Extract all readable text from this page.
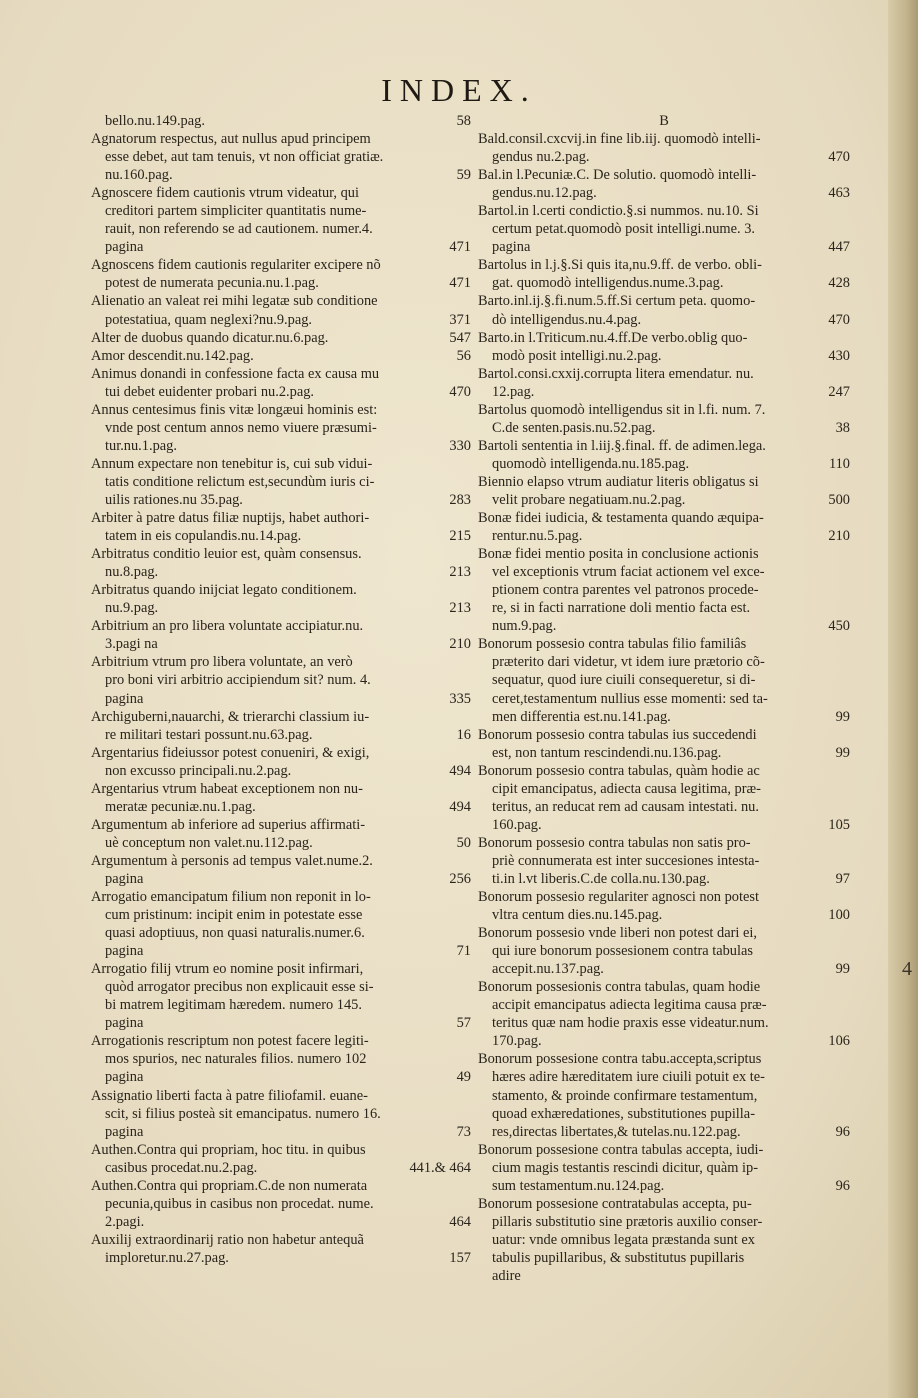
4
INDEX.
58
bello.nu.149.pag.
Agnatorum respectus, aut nullus apud principem
esse debet, aut tam tenuis, vt non officiat gratiæ.
59
nu.160.pag.
Agnoscere fidem cautionis vtrum videatur, qui
creditori partem simpliciter quantitatis nume-
rauit, non referendo se ad cautionem. numer.4.
471
pagina
Agnoscens fidem cautionis regulariter excipere nõ
471
potest de numerata pecunia.nu.1.pag.
Alienatio an valeat rei mihi legatæ sub conditione
371
potestatiua, quam neglexi?nu.9.pag.
547
Alter de duobus quando dicatur.nu.6.pag.
56
Amor descendit.nu.142.pag.
Animus donandi in confessione facta ex causa mu
470
tui debet euidenter probari nu.2.pag.
Annus centesimus finis vitæ longæui hominis est:
vnde post centum annos nemo viuere præsumi-
330
tur.nu.1.pag.
Annum expectare non tenebitur is, cui sub vidui-
tatis conditione relictum est,secundùm iuris ci-
283
uilis rationes.nu 35.pag.
Arbiter à patre datus filiæ nuptijs, habet authori-
215
tatem in eis copulandis.nu.14.pag.
Arbitratus conditio leuior est, quàm consensus.
213
nu.8.pag.
Arbitratus quando inijciat legato conditionem.
213
nu.9.pag.
Arbitrium an pro libera voluntate accipiatur.nu.
210
3.pagi na
Arbitrium vtrum pro libera voluntate, an verò
pro boni viri arbitrio accipiendum sit? num. 4.
335
pagina
Archiguberni,nauarchi, & trierarchi classium iu-
16
re militari testari possunt.nu.63.pag.
Argentarius fideiussor potest conueniri, & exigi,
494
non excusso principali.nu.2.pag.
Argentarius vtrum habeat exceptionem non nu-
494
meratæ pecuniæ.nu.1.pag.
Argumentum ab inferiore ad superius affirmati-
50
uè conceptum non valet.nu.112.pag.
Argumentum à personis ad tempus valet.nume.2.
256
pagina
Arrogatio emancipatum filium non reponit in lo-
cum pristinum: incipit enim in potestate esse
quasi adoptiuus, non quasi naturalis.numer.6.
71
pagina
Arrogatio filij vtrum eo nomine posit infirmari,
quòd arrogator precibus non explicauit esse si-
bi matrem legitimam hæredem. numero 145.
57
pagina
Arrogationis rescriptum non potest facere legiti-
mos spurios, nec naturales filios. numero 102
49
pagina
Assignatio liberti facta à patre filiofamil. euane-
scit, si filius posteà sit emancipatus. numero 16.
73
pagina
Authen.Contra qui propriam, hoc titu. in quibus
441.& 464
casibus procedat.nu.2.pag.
Authen.Contra qui propriam.C.de non numerata
pecunia,quibus in casibus non procedat. nume.
464
2.pagi.
Auxilij extraordinarij ratio non habetur antequã
157
imploretur.nu.27.pag.
B
Bald.consil.cxcvij.in fine lib.iij. quomodò intelli-
470
gendus nu.2.pag.
Bal.in l.Pecuniæ.C. De solutio. quomodò intelli-
463
gendus.nu.12.pag.
Bartol.in l.certi condictio.§.si nummos. nu.10. Si
certum petat.quomodò posit intelligi.nume. 3.
447
pagina
Bartolus in l.j.§.Si quis ita,nu.9.ff. de verbo. obli-
428
gat. quomodò intelligendus.nume.3.pag.
Barto.inl.ij.§.fi.num.5.ff.Si certum peta. quomo-
470
dò intelligendus.nu.4.pag.
Barto.in l.Triticum.nu.4.ff.De verbo.oblig quo-
430
modò posit intelligi.nu.2.pag.
Bartol.consi.cxxij.corrupta litera emendatur. nu.
247
12.pag.
Bartolus quomodò intelligendus sit in l.fi. num. 7.
38
C.de senten.pasis.nu.52.pag.
Bartoli sententia in l.iij.§.final. ff. de adimen.lega.
110
quomodò intelligenda.nu.185.pag.
Biennio elapso vtrum audiatur literis obligatus si
500
velit probare negatiuam.nu.2.pag.
Bonæ fidei iudicia, & testamenta quando æquipa-
210
rentur.nu.5.pag.
Bonæ fidei mentio posita in conclusione actionis
vel exceptionis vtrum faciat actionem vel exce-
ptionem contra parentes vel patronos procede-
re, si in facti narratione doli mentio facta est.
450
num.9.pag.
Bonorum possesio contra tabulas filio familiâs
præterito dari videtur, vt idem iure prætorio cõ-
sequatur, quod iure ciuili consequeretur, si di-
ceret,testamentum nullius esse momenti: sed ta-
99
men differentia est.nu.141.pag.
Bonorum possesio contra tabulas ius succedendi
99
est, non tantum rescindendi.nu.136.pag.
Bonorum possesio contra tabulas, quàm hodie ac
cipit emancipatus, adiecta causa legitima, præ-
teritus, an reducat rem ad causam intestati. nu.
105
160.pag.
Bonorum possesio contra tabulas non satis pro-
priè connumerata est inter succesiones intesta-
97
ti.in l.vt liberis.C.de colla.nu.130.pag.
Bonorum possesio regulariter agnosci non potest
100
vltra centum dies.nu.145.pag.
Bonorum possesio vnde liberi non potest dari ei,
qui iure bonorum possesionem contra tabulas
99
accepit.nu.137.pag.
Bonorum possesionis contra tabulas, quam hodie
accipit emancipatus adiecta legitima causa præ-
teritus quæ nam hodie praxis esse videatur.num.
106
170.pag.
Bonorum possesione contra tabu.accepta,scriptus
hæres adire hæreditatem iure ciuili potuit ex te-
stamento, & proinde confirmare testamentum,
quoad exhæredationes, substitutiones pupilla-
96
res,directas libertates,& tutelas.nu.122.pag.
Bonorum possesione contra tabulas accepta, iudi-
cium magis testantis rescindi dicitur, quàm ip-
96
sum testamentum.nu.124.pag.
Bonorum possesione contratabulas accepta, pu-
pillaris substitutio sine prætoris auxilio conser-
uatur: vnde omnibus legata præstanda sunt ex
tabulis pupillaribus, & substitutus pupillaris
adire
